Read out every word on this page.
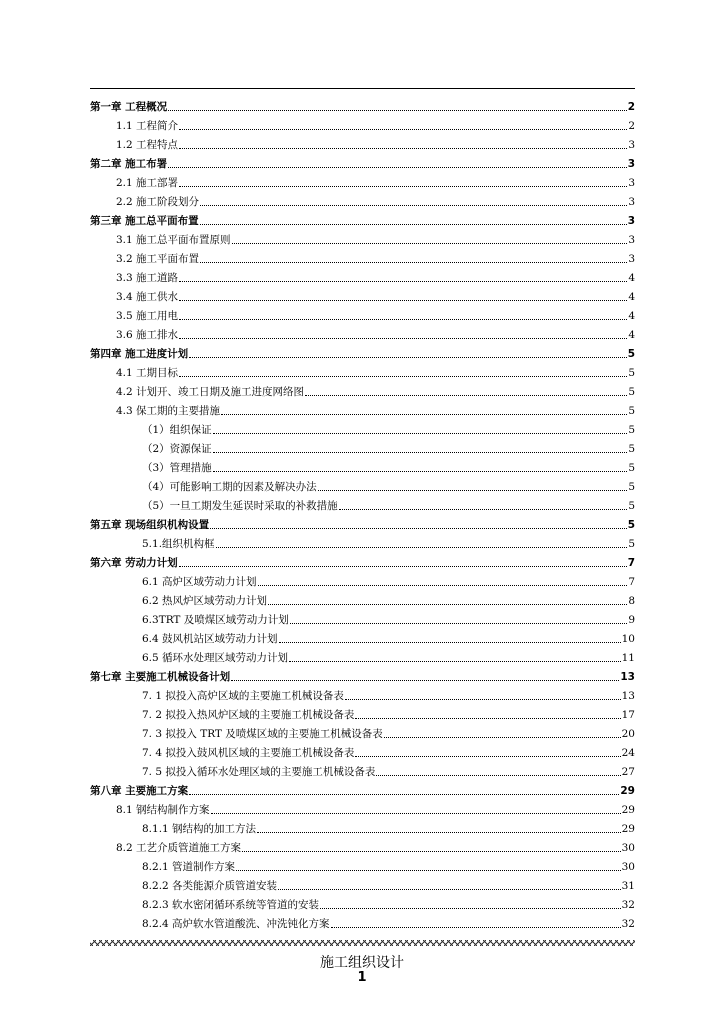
第一章 工程概况	2
1.1 工程简介	2
1.2 工程特点	3
第二章 施工布署	3
2.1 施工部署	3
2.2 施工阶段划分	3
第三章 施工总平面布置	3
3.1 施工总平面布置原则	3
3.2 施工平面布置	3
3.3 施工道路	4
3.4 施工供水	4
3.5 施工用电	4
3.6 施工排水	4
第四章 施工进度计划	5
4.1 工期目标	5
4.2 计划开、竣工日期及施工进度网络图	5
4.3 保工期的主要措施	5
（1）组织保证	5
（2）资源保证	5
（3）管理措施	5
（4）可能影响工期的因素及解决办法	5
（5）一旦工期发生延误时采取的补救措施	5
第五章 现场组织机构设置	5
5.1.组织机构框	5
第六章 劳动力计划	7
6.1 高炉区域劳动力计划	7
6.2 热风炉区域劳动力计划	8
6.3TRT 及喷煤区域劳动力计划	9
6.4 鼓风机站区域劳动力计划	10
6.5 循环水处理区域劳动力计划	11
第七章 主要施工机械设备计划	13
7. 1 拟投入高炉区域的主要施工机械设备表	13
7. 2 拟投入热风炉区域的主要施工机械设备表	17
7. 3 拟投入 TRT 及喷煤区域的主要施工机械设备表	20
7. 4 拟投入鼓风机区域的主要施工机械设备表	24
7. 5 拟投入循环水处理区域的主要施工机械设备表	27
第八章 主要施工方案	29
8.1 钢结构制作方案	29
8.1.1 钢结构的加工方法	29
8.2 工艺介质管道施工方案	30
8.2.1 管道制作方案	30
8.2.2 各类能源介质管道安装	31
8.2.3 软水密闭循环系统等管道的安装	32
8.2.4 高炉软水管道酸洗、冲洗钝化方案	32
施工组织设计
1
